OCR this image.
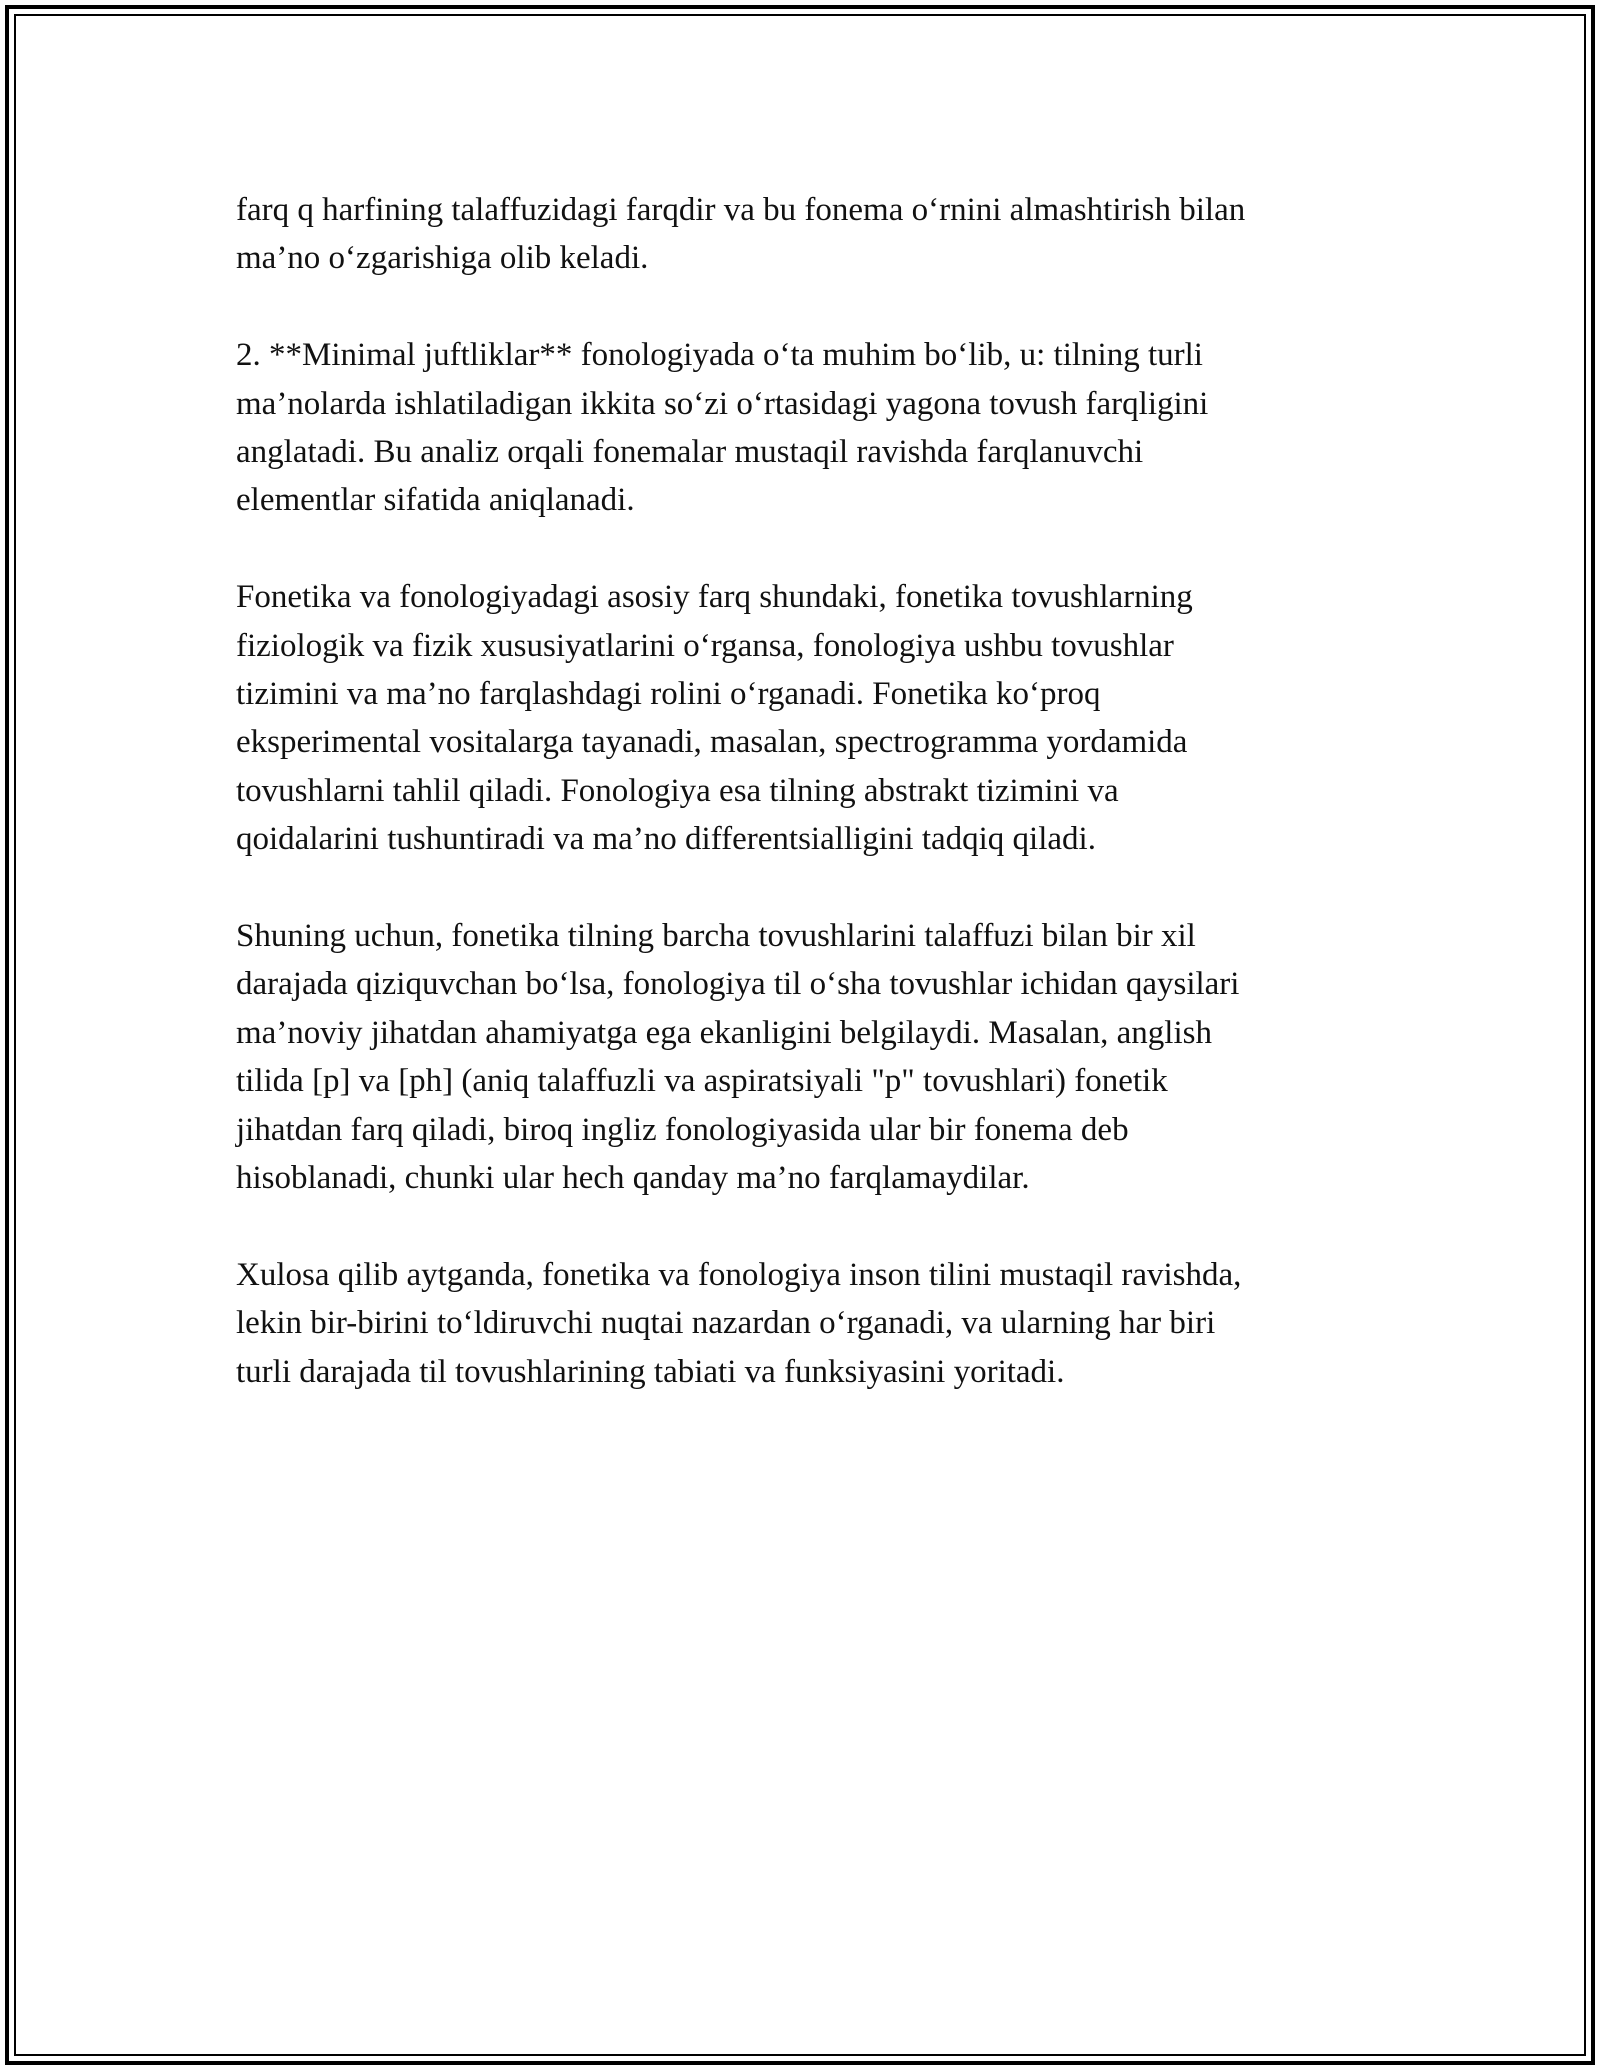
farq q harfining talaffuzidagi farqdir va bu fonema o‘rnini almashtirish bilan
ma’no o‘zgarishiga olib keladi.

2. **Minimal juftliklar** fonologiyada o‘ta muhim bo‘lib, u: tilning turli
ma’nolarda ishlatiladigan ikkita so‘zi o‘rtasidagi yagona tovush farqligini
anglatadi. Bu analiz orqali fonemalar mustaqil ravishda farqlanuvchi
elementlar sifatida aniqlanadi.

Fonetika va fonologiyadagi asosiy farq shundaki, fonetika tovushlarning
fiziologik va fizik xususiyatlarini o‘rgansa, fonologiya ushbu tovushlar
tizimini va ma’no farqlashdagi rolini o‘rganadi. Fonetika ko‘proq
eksperimental vositalarga tayanadi, masalan, spectrogramma yordamida
tovushlarni tahlil qiladi. Fonologiya esa tilning abstrakt tizimini va
qoidalarini tushuntiradi va ma’no differentsialligini tadqiq qiladi.

Shuning uchun, fonetika tilning barcha tovushlarini talaffuzi bilan bir xil
darajada qiziquvchan bo‘lsa, fonologiya til o‘sha tovushlar ichidan qaysilari
ma’noviy jihatdan ahamiyatga ega ekanligini belgilaydi. Masalan, anglish
tilida [p] va [ph] (aniq talaffuzli va aspiratsiyali "p" tovushlari) fonetik
jihatdan farq qiladi, biroq ingliz fonologiyasida ular bir fonema deb
hisoblanadi, chunki ular hech qanday ma’no farqlamaydilar.

Xulosa qilib aytganda, fonetika va fonologiya inson tilini mustaqil ravishda,
lekin bir-birini to‘ldiruvchi nuqtai nazardan o‘rganadi, va ularning har biri
turli darajada til tovushlarining tabiati va funksiyasini yoritadi.
